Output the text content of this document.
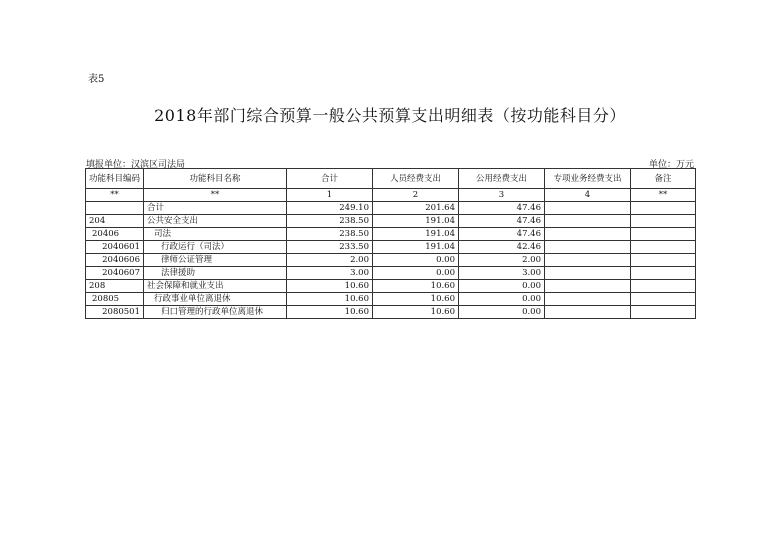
表5
2018年部门综合预算一般公共预算支出明细表（按功能科目分）
填报单位：汉滨区司法局	单位：万元
功能科目编码	功能科目名称	合计	人员经费支出	公用经费支出	专项业务经费支出	备注
**	**	1	2	3	4	**
	合计	249.10	201.64	47.46		
204	公共安全支出	238.50	191.04	47.46		
20406	司法	238.50	191.04	47.46		
2040601	行政运行（司法）	233.50	191.04	42.46		
2040606	律师公证管理	2.00	0.00	2.00		
2040607	法律援助	3.00	0.00	3.00		
208	社会保障和就业支出	10.60	10.60	0.00		
20805	行政事业单位离退休	10.60	10.60	0.00		
2080501	归口管理的行政单位离退休	10.60	10.60	0.00		
